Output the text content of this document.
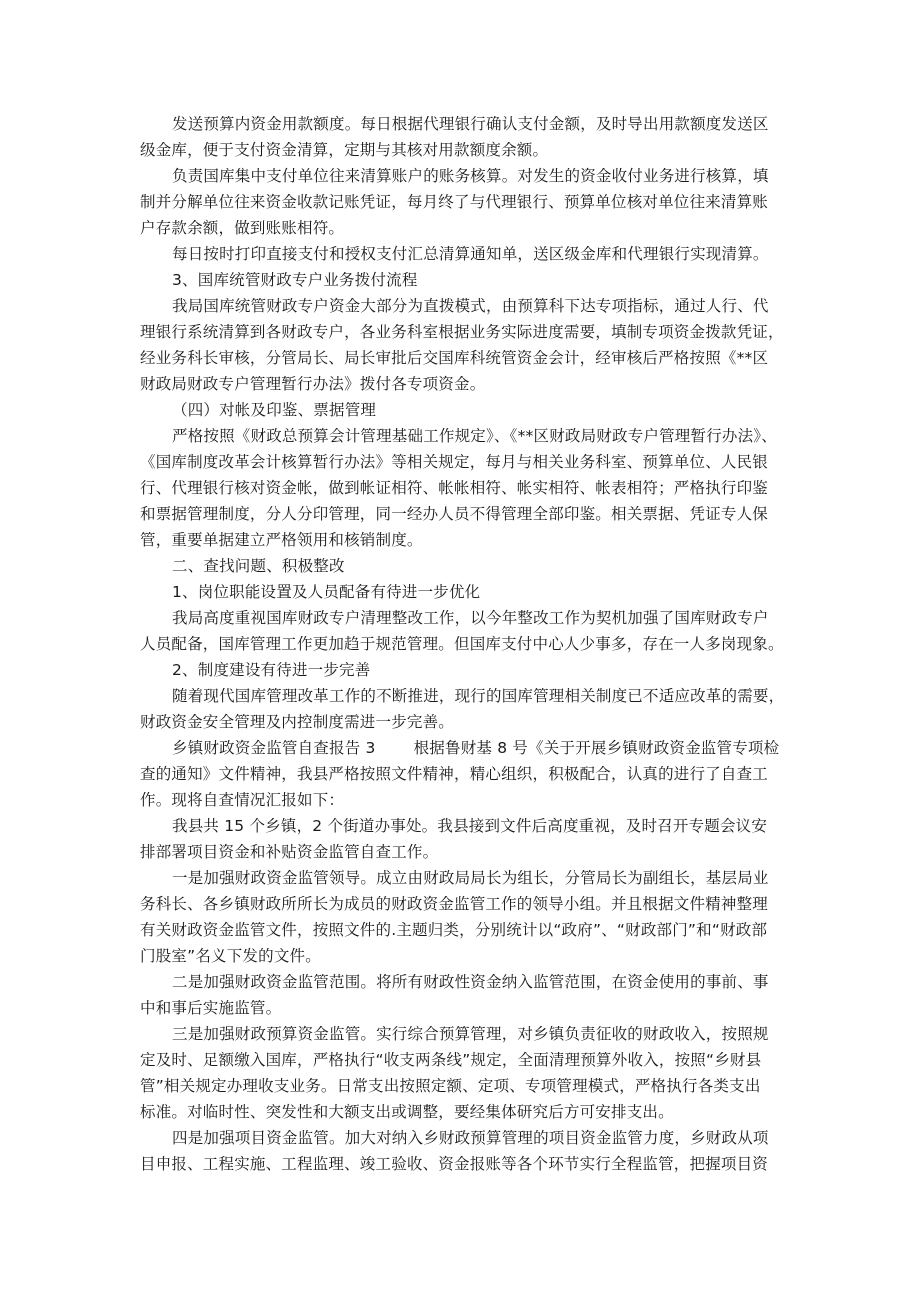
发送预算内资金用款额度。每日根据代理银行确认支付金额，及时导出用款额度发送区
级金库，便于支付资金清算，定期与其核对用款额度余额。

负责国库集中支付单位往来清算账户的账务核算。对发生的资金收付业务进行核算，填
制并分解单位往来资金收款记账凭证，每月终了与代理银行、预算单位核对单位往来清算账
户存款余额，做到账账相符。

每日按时打印直接支付和授权支付汇总清算通知单，送区级金库和代理银行实现清算。

3、国库统管财政专户业务拨付流程

我局国库统管财政专户资金大部分为直拨模式，由预算科下达专项指标，通过人行、代
理银行系统清算到各财政专户，各业务科室根据业务实际进度需要，填制专项资金拨款凭证，
经业务科长审核，分管局长、局长审批后交国库科统管资金会计，经审核后严格按照《**区
财政局财政专户管理暂行办法》拨付各专项资金。

（四）对帐及印鉴、票据管理

严格按照《财政总预算会计管理基础工作规定》、《**区财政局财政专户管理暂行办法》、
《国库制度改革会计核算暂行办法》等相关规定，每月与相关业务科室、预算单位、人民银
行、代理银行核对资金帐，做到帐证相符、帐帐相符、帐实相符、帐表相符；严格执行印鉴
和票据管理制度，分人分印管理，同一经办人员不得管理全部印鉴。相关票据、凭证专人保
管，重要单据建立严格领用和核销制度。

二、查找问题、积极整改

1、岗位职能设置及人员配备有待进一步优化

我局高度重视国库财政专户清理整改工作，以今年整改工作为契机加强了国库财政专户
人员配备，国库管理工作更加趋于规范管理。但国库支付中心人少事多，存在一人多岗现象。

2、制度建设有待进一步完善

随着现代国库管理改革工作的不断推进，现行的国库管理相关制度已不适应改革的需要，
财政资金安全管理及内控制度需进一步完善。

乡镇财政资金监管自查报告 3 根据鲁财基 8 号《关于开展乡镇财政资金监管专项检
查的通知》文件精神，我县严格按照文件精神，精心组织，积极配合，认真的进行了自查工
作。现将自查情况汇报如下：

我县共 15 个乡镇，2 个街道办事处。我县接到文件后高度重视，及时召开专题会议安
排部署项目资金和补贴资金监管自查工作。

一是加强财政资金监管领导。成立由财政局局长为组长，分管局长为副组长，基层局业
务科长、各乡镇财政所所长为成员的财政资金监管工作的领导小组。并且根据文件精神整理
有关财政资金监管文件，按照文件的.主题归类，分别统计以“政府”、“财政部门”和“财政部
门股室”名义下发的文件。

二是加强财政资金监管范围。将所有财政性资金纳入监管范围，在资金使用的事前、事
中和事后实施监管。

三是加强财政预算资金监管。实行综合预算管理，对乡镇负责征收的财政收入，按照规
定及时、足额缴入国库，严格执行“收支两条线”规定，全面清理预算外收入，按照“乡财县
管”相关规定办理收支业务。日常支出按照定额、定项、专项管理模式，严格执行各类支出
标准。对临时性、突发性和大额支出或调整，要经集体研究后方可安排支出。

四是加强项目资金监管。加大对纳入乡财政预算管理的项目资金监管力度，乡财政从项
目申报、工程实施、工程监理、竣工验收、资金报账等各个环节实行全程监管，把握项目资
